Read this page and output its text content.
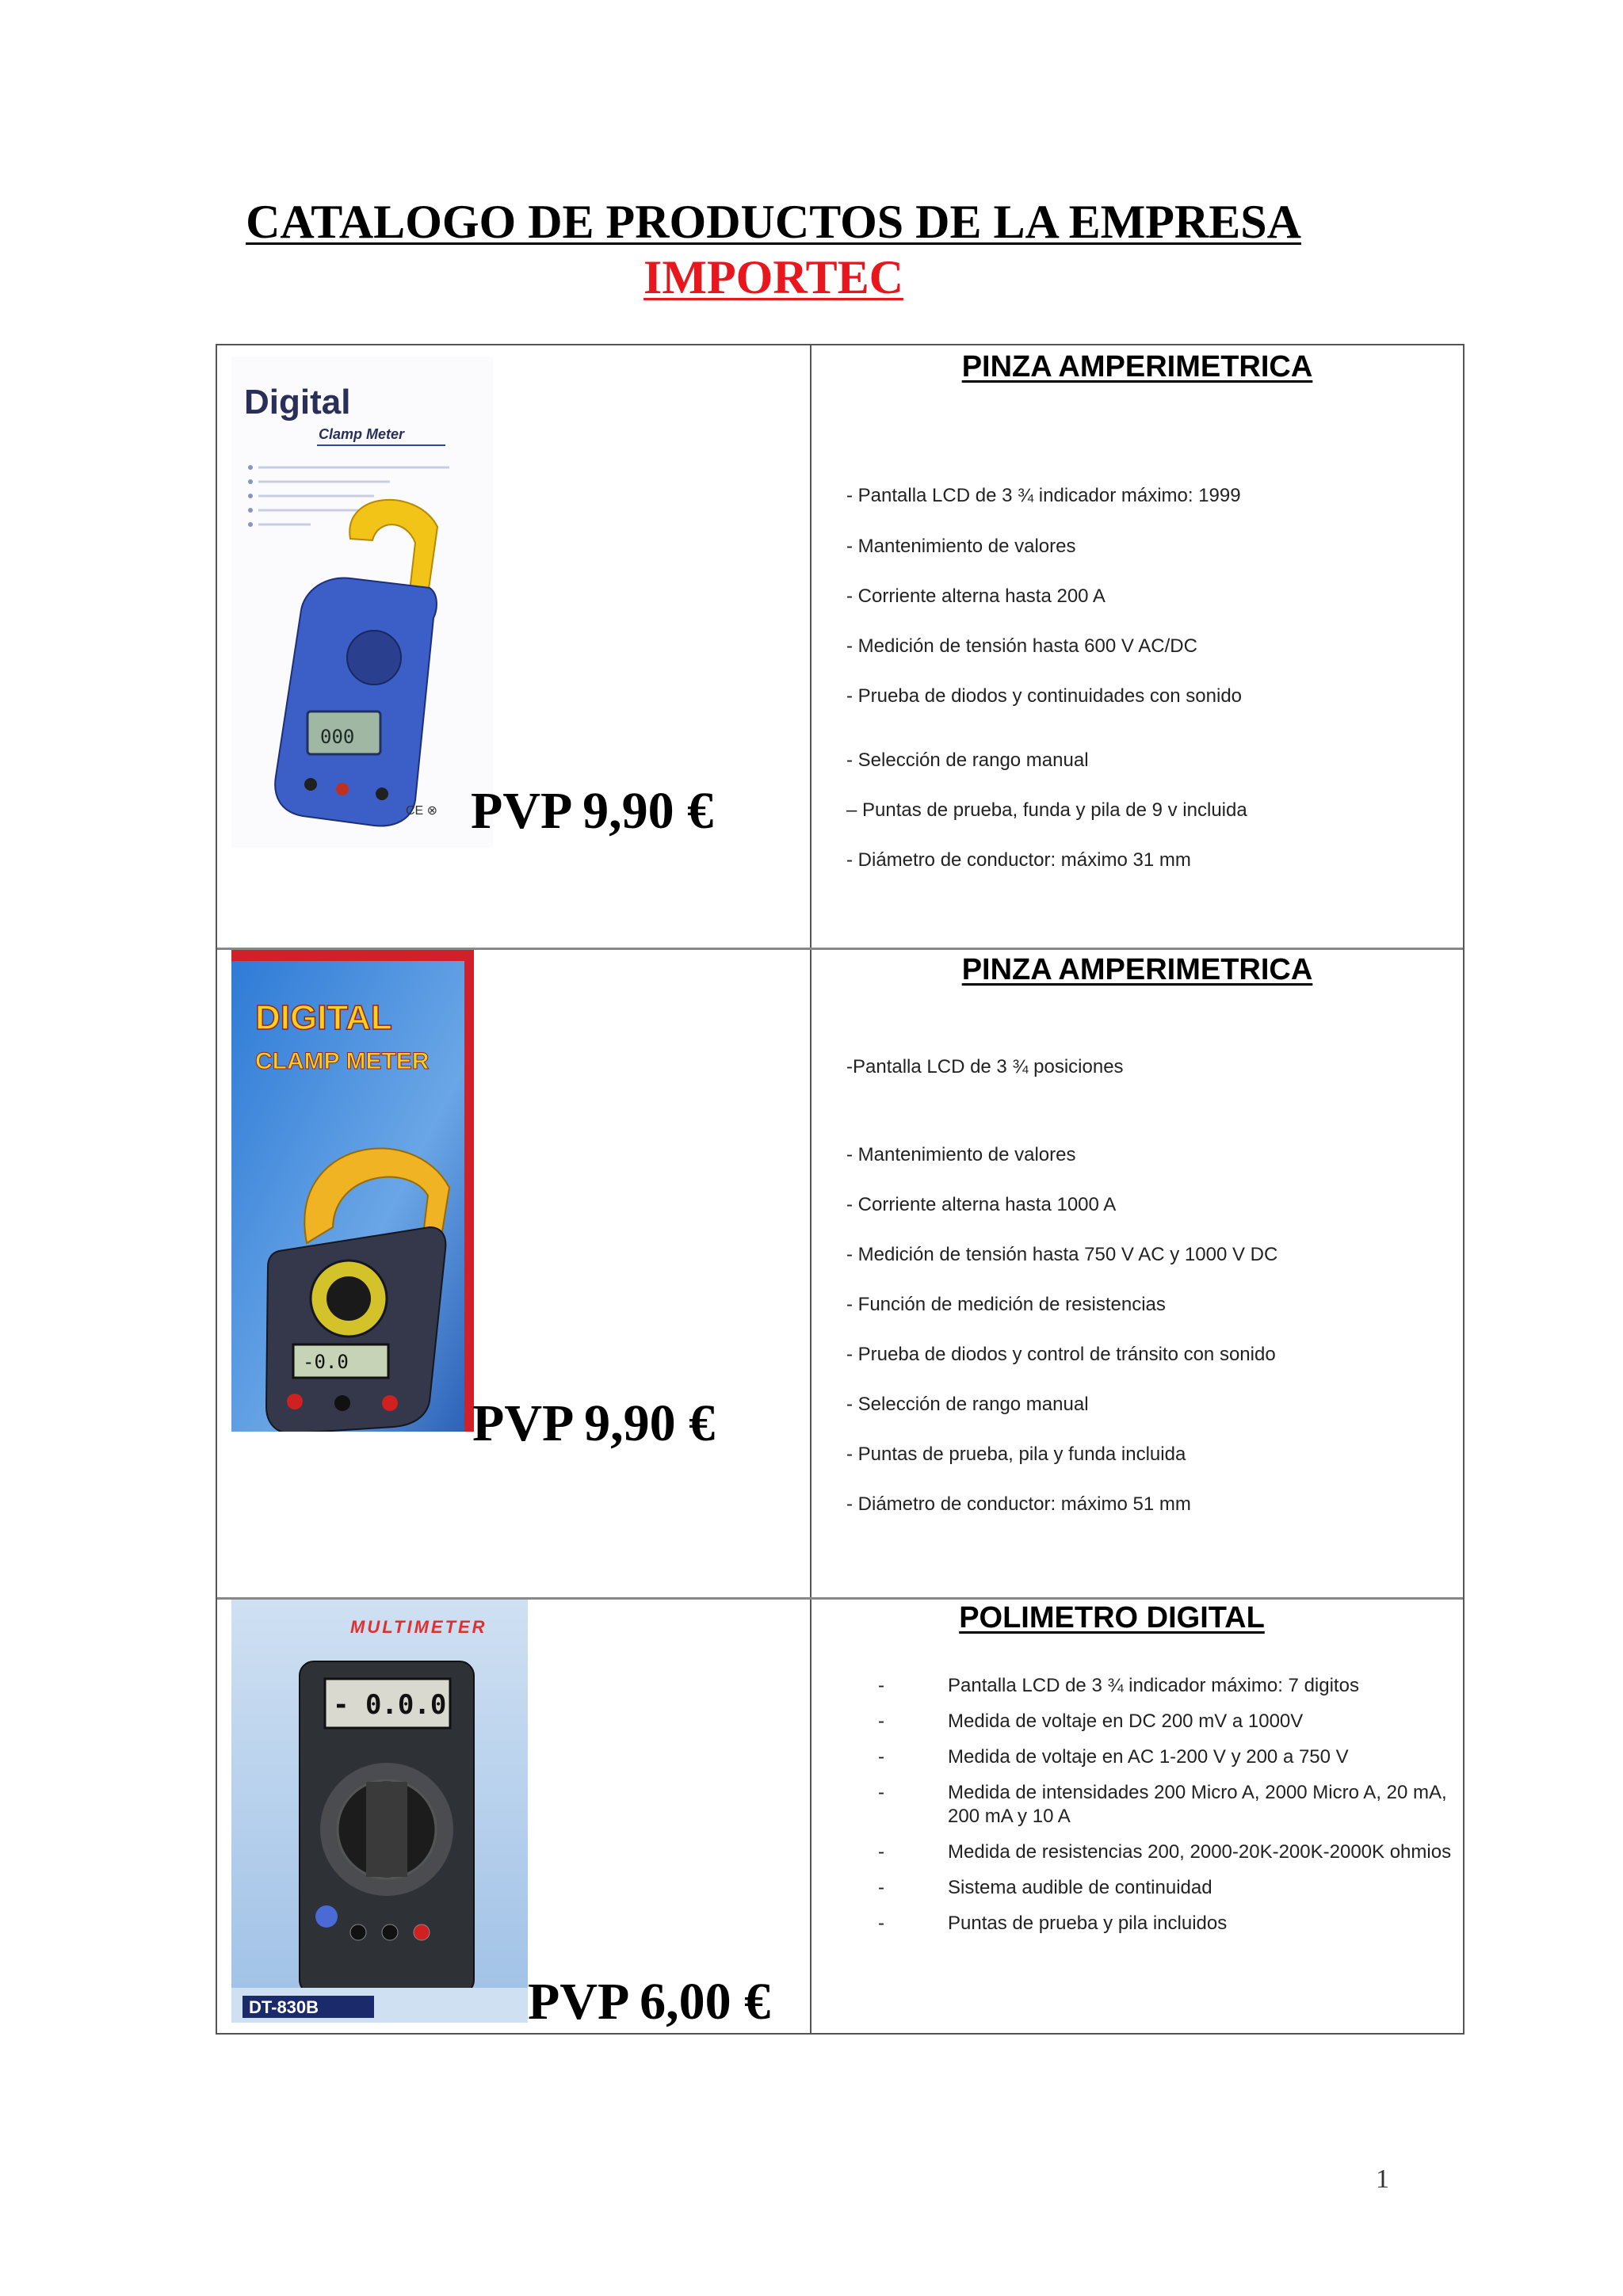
CATALOGO DE PRODUCTOS DE LA EMPRESA
IMPORTEC
Digital
Clamp Meter
000
CE ⊗ PVP 9,90 €
PINZA AMPERIMETRICA

- Pantalla LCD de 3 ¾ indicador máximo: 1999

- Mantenimiento de valores

- Corriente alterna hasta 200 A

- Medición de tensión hasta 600 V AC/DC

- Prueba de diodos y continuidades con sonido

- Selección de rango manual

– Puntas de prueba, funda y pila de 9 v incluida

- Diámetro de conductor: máximo 31 mm

DIGITAL
CLAMP METER
-0.0
PVP 9,90 €
PINZA AMPERIMETRICA

-Pantalla LCD de 3 ¾ posiciones

- Mantenimiento de valores

- Corriente alterna hasta 1000 A

- Medición de tensión hasta 750 V AC y 1000 V DC

- Función de medición de resistencias

- Prueba de diodos y control de tránsito con sonido

- Selección de rango manual

- Puntas de prueba, pila y funda incluida

- Diámetro de conductor: máximo 51 mm

MULTIMETER
- 0.0.0
DT-830B	PVP 6,00 €
POLIMETRO DIGITAL
-	Pantalla LCD de 3 ¾ indicador máximo: 7 digitos
-	Medida de voltaje en DC 200 mV a 1000V
-	Medida de voltaje en AC 1-200 V y 200 a 750 V
-	Medida de intensidades 200 Micro A, 2000 Micro A, 20 mA, 200 mA y 10 A
-	Medida de resistencias 200, 2000-20K-200K-2000K ohmios
-	Sistema audible de continuidad
-	Puntas de prueba y pila incluidos
1
